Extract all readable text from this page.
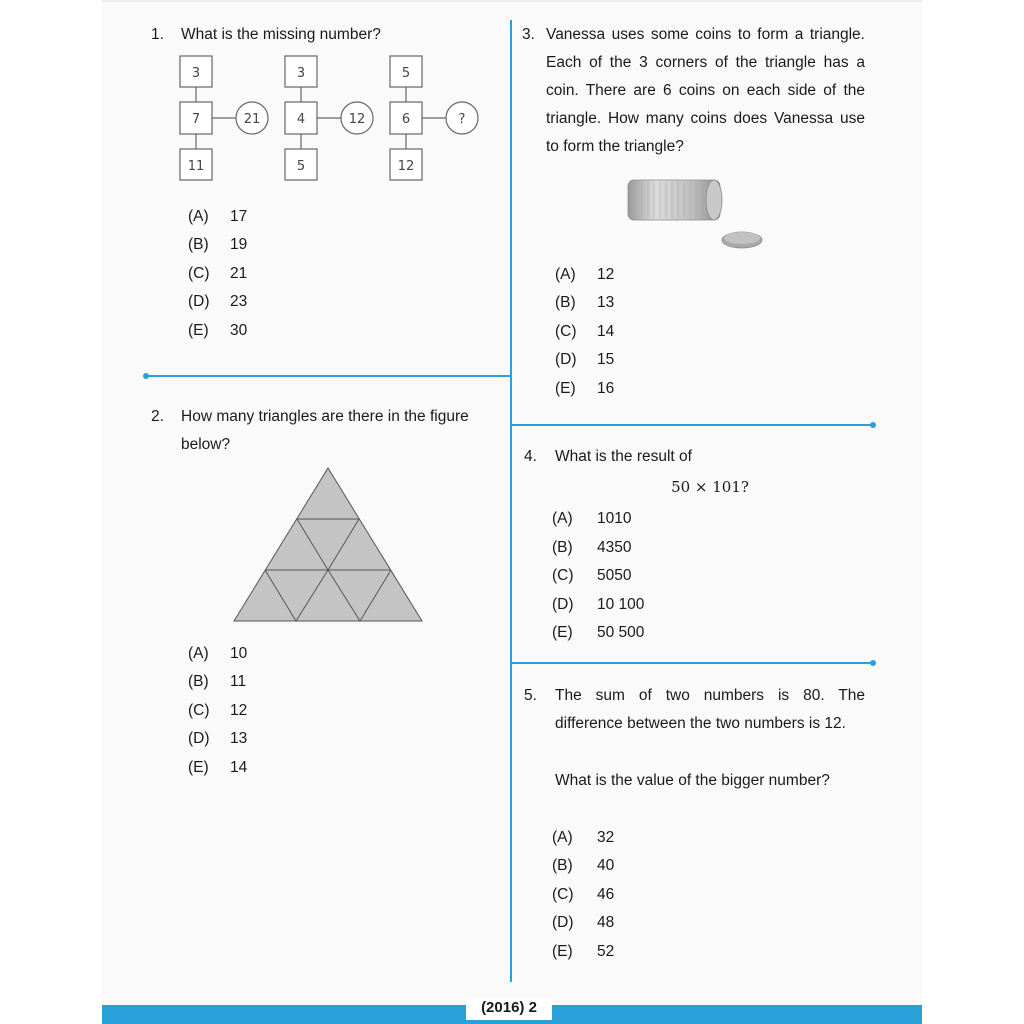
1. What is the missing number?
3
7
11
21
3
4
5
12
5
6
12
?
(A) 17
(B) 19
(C) 21
(D) 23
(E) 30
2. How many triangles are there in the figure below?
(A) 10
(B) 11
(C) 12
(D) 13
(E) 14
3. Vanessa uses some coins to form a triangle. Each of the 3 corners of the triangle has a coin. There are 6 coins on each side of the triangle. How many coins does Vanessa use to form the triangle?
(A) 12
(B) 13
(C) 14
(D) 15
(E) 16
4. What is the result of
50 × 101?
(A) 1010
(B) 4350
(C) 5050
(D) 10 100
(E) 50 500
5. The sum of two numbers is 80. The difference between the two numbers is 12.
What is the value of the bigger number?
(A) 32
(B) 40
(C) 46
(D) 48
(E) 52
(2016) 2
